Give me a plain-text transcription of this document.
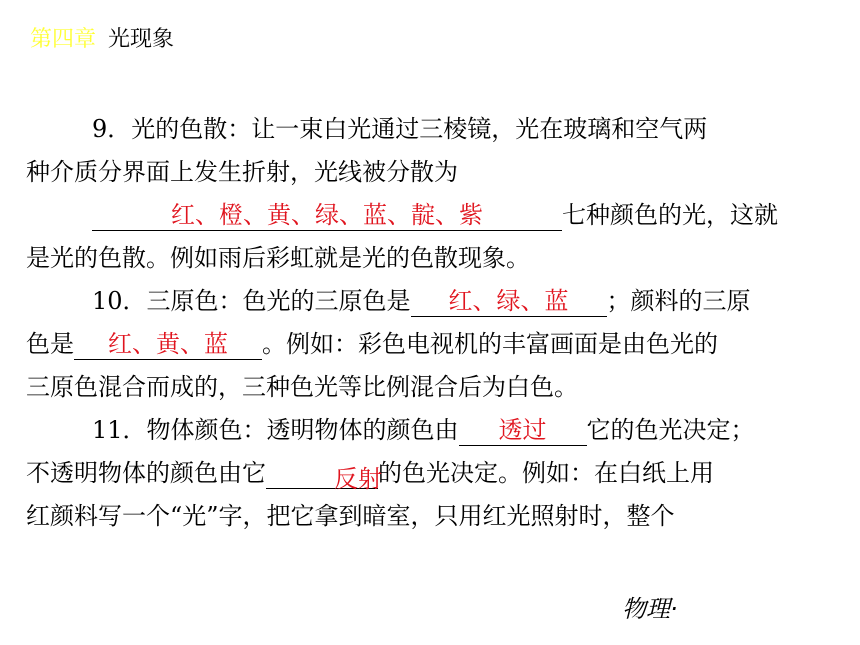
第四章 光现象
9．光的色散：让一束白光通过三棱镜，光在玻璃和空气两
种介质分界面上发生折射，光线被分散为
红、橙、黄、绿、蓝、靛、紫	七种颜色的光，这就
是光的色散。例如雨后彩虹就是光的色散现象。
10．三原色：色光的三原色是 红、绿、蓝 ；颜料的三原
色是 红、黄、蓝 。例如：彩色电视机的丰富画面是由色光的
三原色混合而成的，三种色光等比例混合后为白色。
11．物体颜色：透明物体的颜色由 透过 它的色光决定；
不透明物体的颜色由它	反射的色光决定。例如：在白纸上用
红颜料写一个“光”字，把它拿到暗室，只用红光照射时，整个
物理·
